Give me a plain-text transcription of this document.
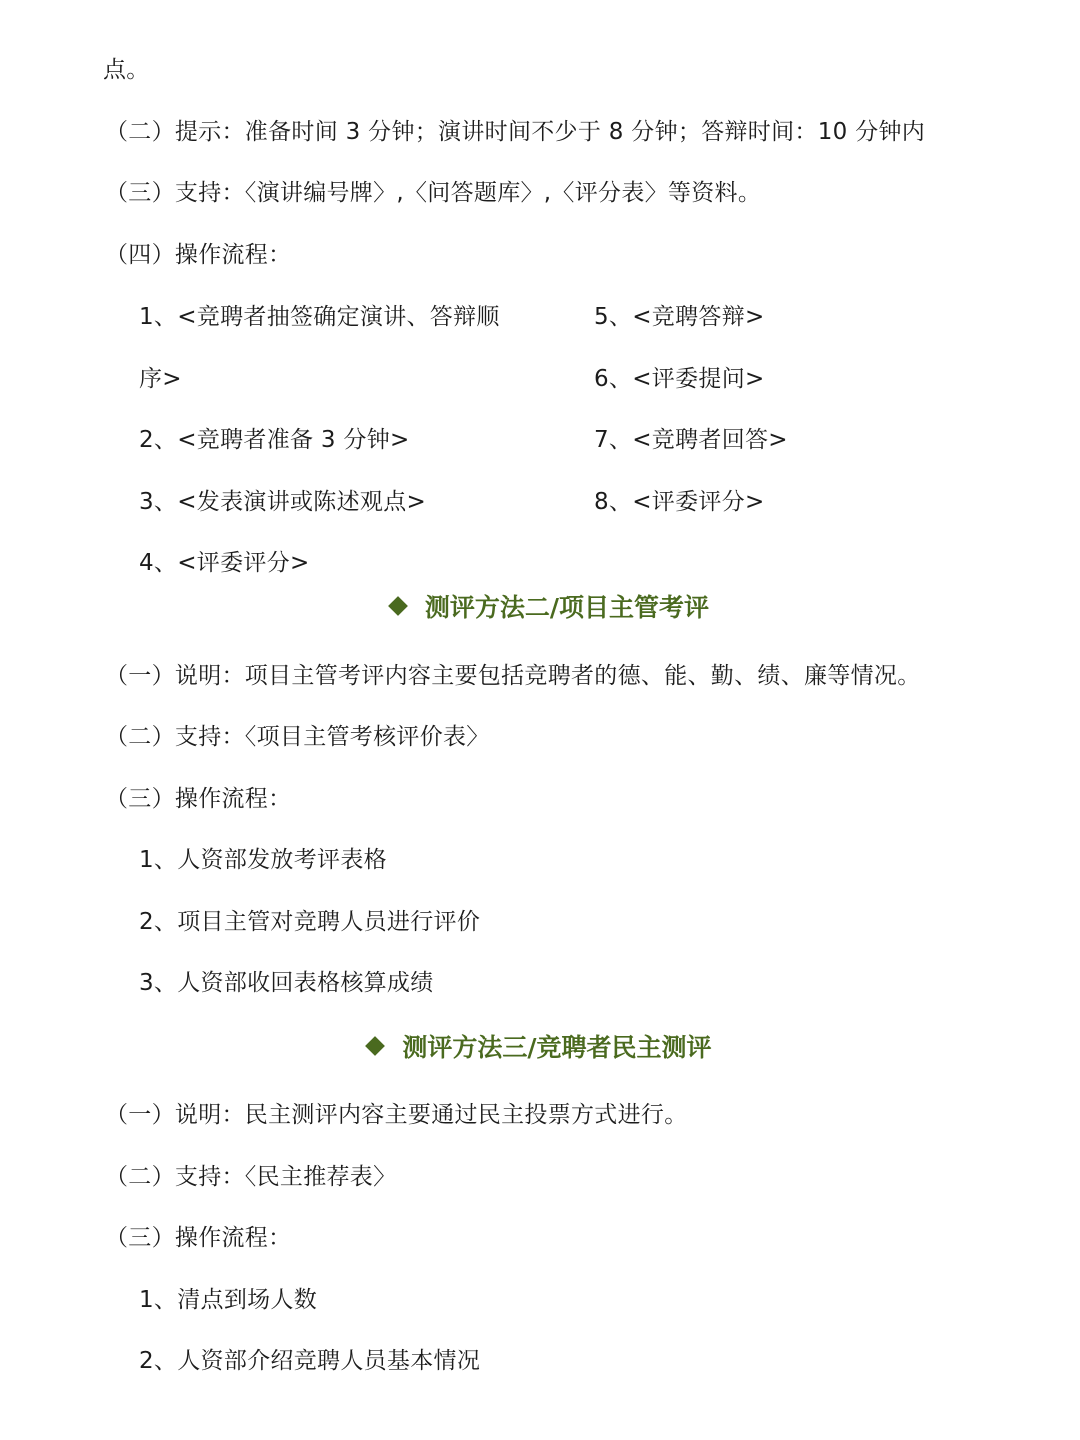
点。
（二）提示：准备时间 3 分钟；演讲时间不少于 8 分钟；答辩时间：10 分钟内
（三）支持：〈演讲编号牌〉,〈问答题库〉,〈评分表〉等资料。
（四）操作流程：
1、<竞聘者抽签确定演讲、答辩顺
序>
2、<竞聘者准备 3 分钟>
3、<发表演讲或陈述观点>
4、<评委评分>
5、<竞聘答辩>
6、<评委提问>
7、<竞聘者回答>
8、<评委评分>
测评方法二/项目主管考评
（一）说明：项目主管考评内容主要包括竞聘者的德、能、勤、绩、廉等情况。
（二）支持：〈项目主管考核评价表〉
（三）操作流程：
1、人资部发放考评表格
2、项目主管对竞聘人员进行评价
3、人资部收回表格核算成绩
测评方法三/竞聘者民主测评
（一）说明：民主测评内容主要通过民主投票方式进行。
（二）支持：〈民主推荐表〉
（三）操作流程：
1、清点到场人数
2、人资部介绍竞聘人员基本情况
